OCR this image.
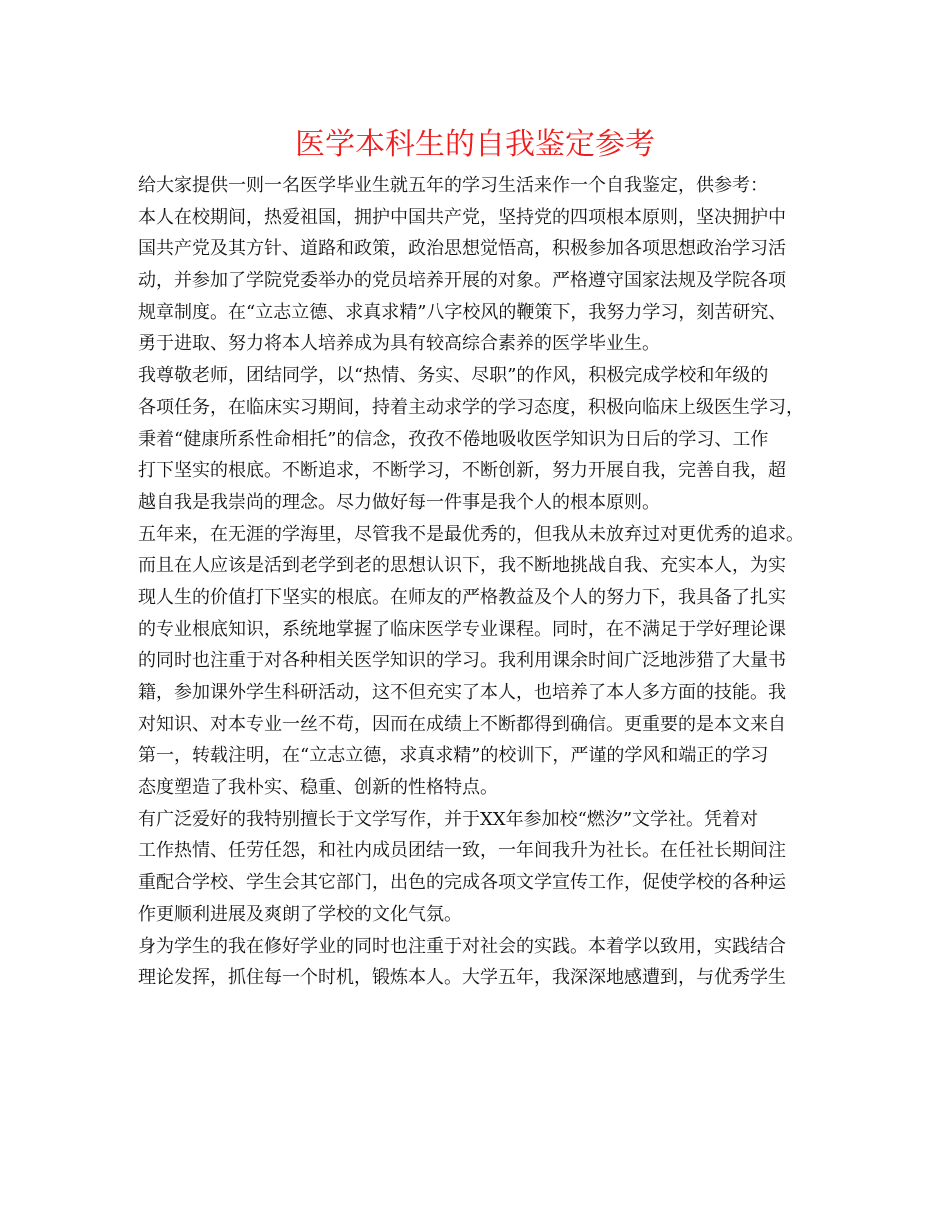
医学本科生的自我鉴定参考
给大家提供一则一名医学毕业生就五年的学习生活来作一个自我鉴定，供参考：
本人在校期间，热爱祖国，拥护中国共产党，坚持党的四项根本原则，坚决拥护中
国共产党及其方针、道路和政策，政治思想觉悟高，积极参加各项思想政治学习活
动，并参加了学院党委举办的党员培养开展的对象。严格遵守国家法规及学院各项
规章制度。在“立志立德、求真求精”八字校风的鞭策下，我努力学习，刻苦研究、
勇于进取、努力将本人培养成为具有较高综合素养的医学毕业生。
我尊敬老师，团结同学，以“热情、务实、尽职”的作风，积极完成学校和年级的
各项任务，在临床实习期间，持着主动求学的学习态度，积极向临床上级医生学习，
秉着“健康所系性命相托”的信念，孜孜不倦地吸收医学知识为日后的学习、工作
打下坚实的根底。不断追求，不断学习，不断创新，努力开展自我，完善自我，超
越自我是我崇尚的理念。尽力做好每一件事是我个人的根本原则。
五年来，在无涯的学海里，尽管我不是最优秀的，但我从未放弃过对更优秀的追求。
而且在人应该是活到老学到老的思想认识下，我不断地挑战自我、充实本人，为实
现人生的价值打下坚实的根底。在师友的严格教益及个人的努力下，我具备了扎实
的专业根底知识，系统地掌握了临床医学专业课程。同时，在不满足于学好理论课
的同时也注重于对各种相关医学知识的学习。我利用课余时间广泛地涉猎了大量书
籍，参加课外学生科研活动，这不但充实了本人，也培养了本人多方面的技能。我
对知识、对本专业一丝不苟，因而在成绩上不断都得到确信。更重要的是本文来自
第一，转载注明，在“立志立德，求真求精”的校训下，严谨的学风和端正的学习
态度塑造了我朴实、稳重、创新的性格特点。
有广泛爱好的我特别擅长于文学写作，并于XX年参加校“燃汐”文学社。凭着对
工作热情、任劳任怨，和社内成员团结一致，一年间我升为社长。在任社长期间注
重配合学校、学生会其它部门，出色的完成各项文学宣传工作，促使学校的各种运
作更顺利进展及爽朗了学校的文化气氛。
身为学生的我在修好学业的同时也注重于对社会的实践。本着学以致用，实践结合
理论发挥，抓住每一个时机，锻炼本人。大学五年，我深深地感遭到，与优秀学生
